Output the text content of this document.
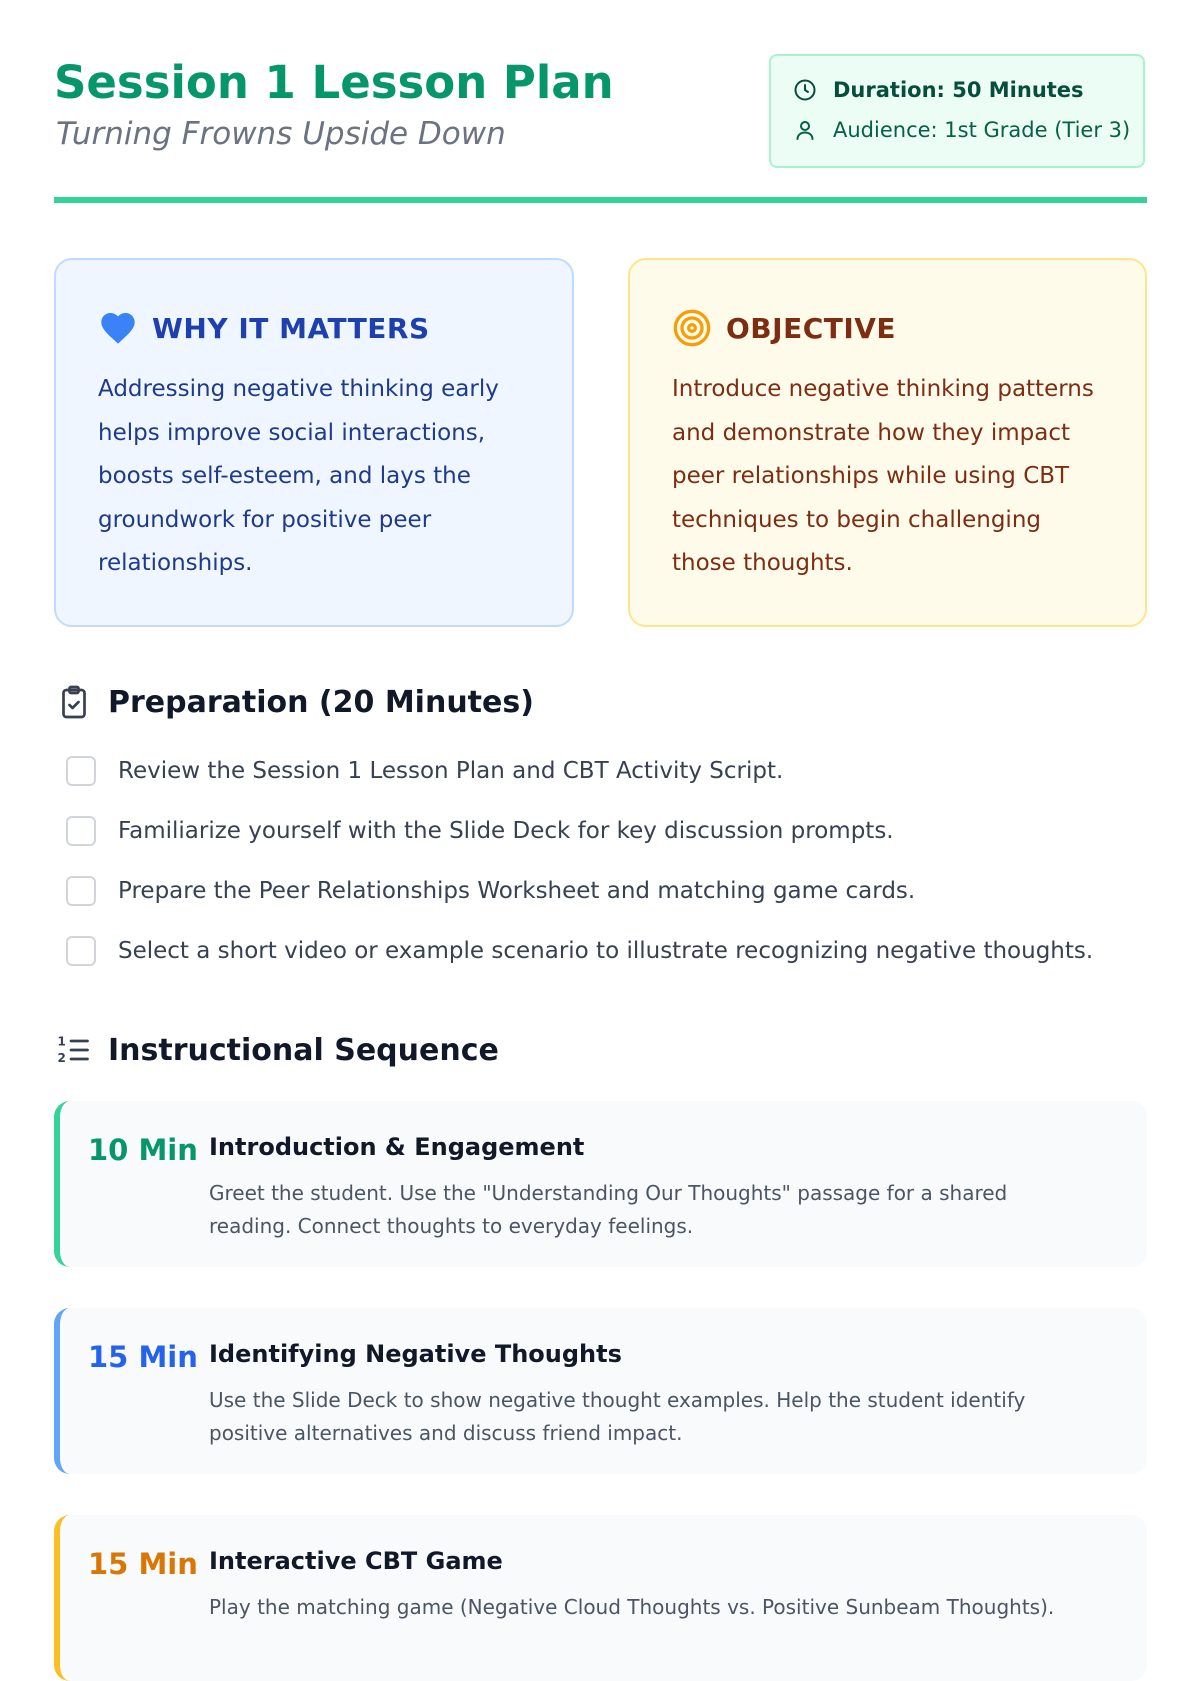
Session 1 Lesson Plan

Turning Frowns Upside Down

Duration: 50 Minutes
Audience: 1st Grade (Tier 3)
WHY IT MATTERS

Addressing negative thinking early helps improve social interactions, boosts self-esteem, and lays the groundwork for positive peer relationships.

OBJECTIVE

Introduce negative thinking patterns and demonstrate how they impact peer relationships while using CBT techniques to begin challenging those thoughts.

Preparation (20 Minutes)
Review the Session 1 Lesson Plan and CBT Activity Script.
Familiarize yourself with the Slide Deck for key discussion prompts.
Prepare the Peer Relationships Worksheet and matching game cards.
Select a short video or example scenario to illustrate recognizing negative thoughts.
1
2 Instructional Sequence
10 Min Introduction & Engagement

Greet the student. Use the "Understanding Our Thoughts" passage for a shared reading. Connect thoughts to everyday feelings.

15 Min Identifying Negative Thoughts

Use the Slide Deck to show negative thought examples. Help the student identify positive alternatives and discuss friend impact.

15 Min Interactive CBT Game

Play the matching game (Negative Cloud Thoughts vs. Positive Sunbeam Thoughts).
